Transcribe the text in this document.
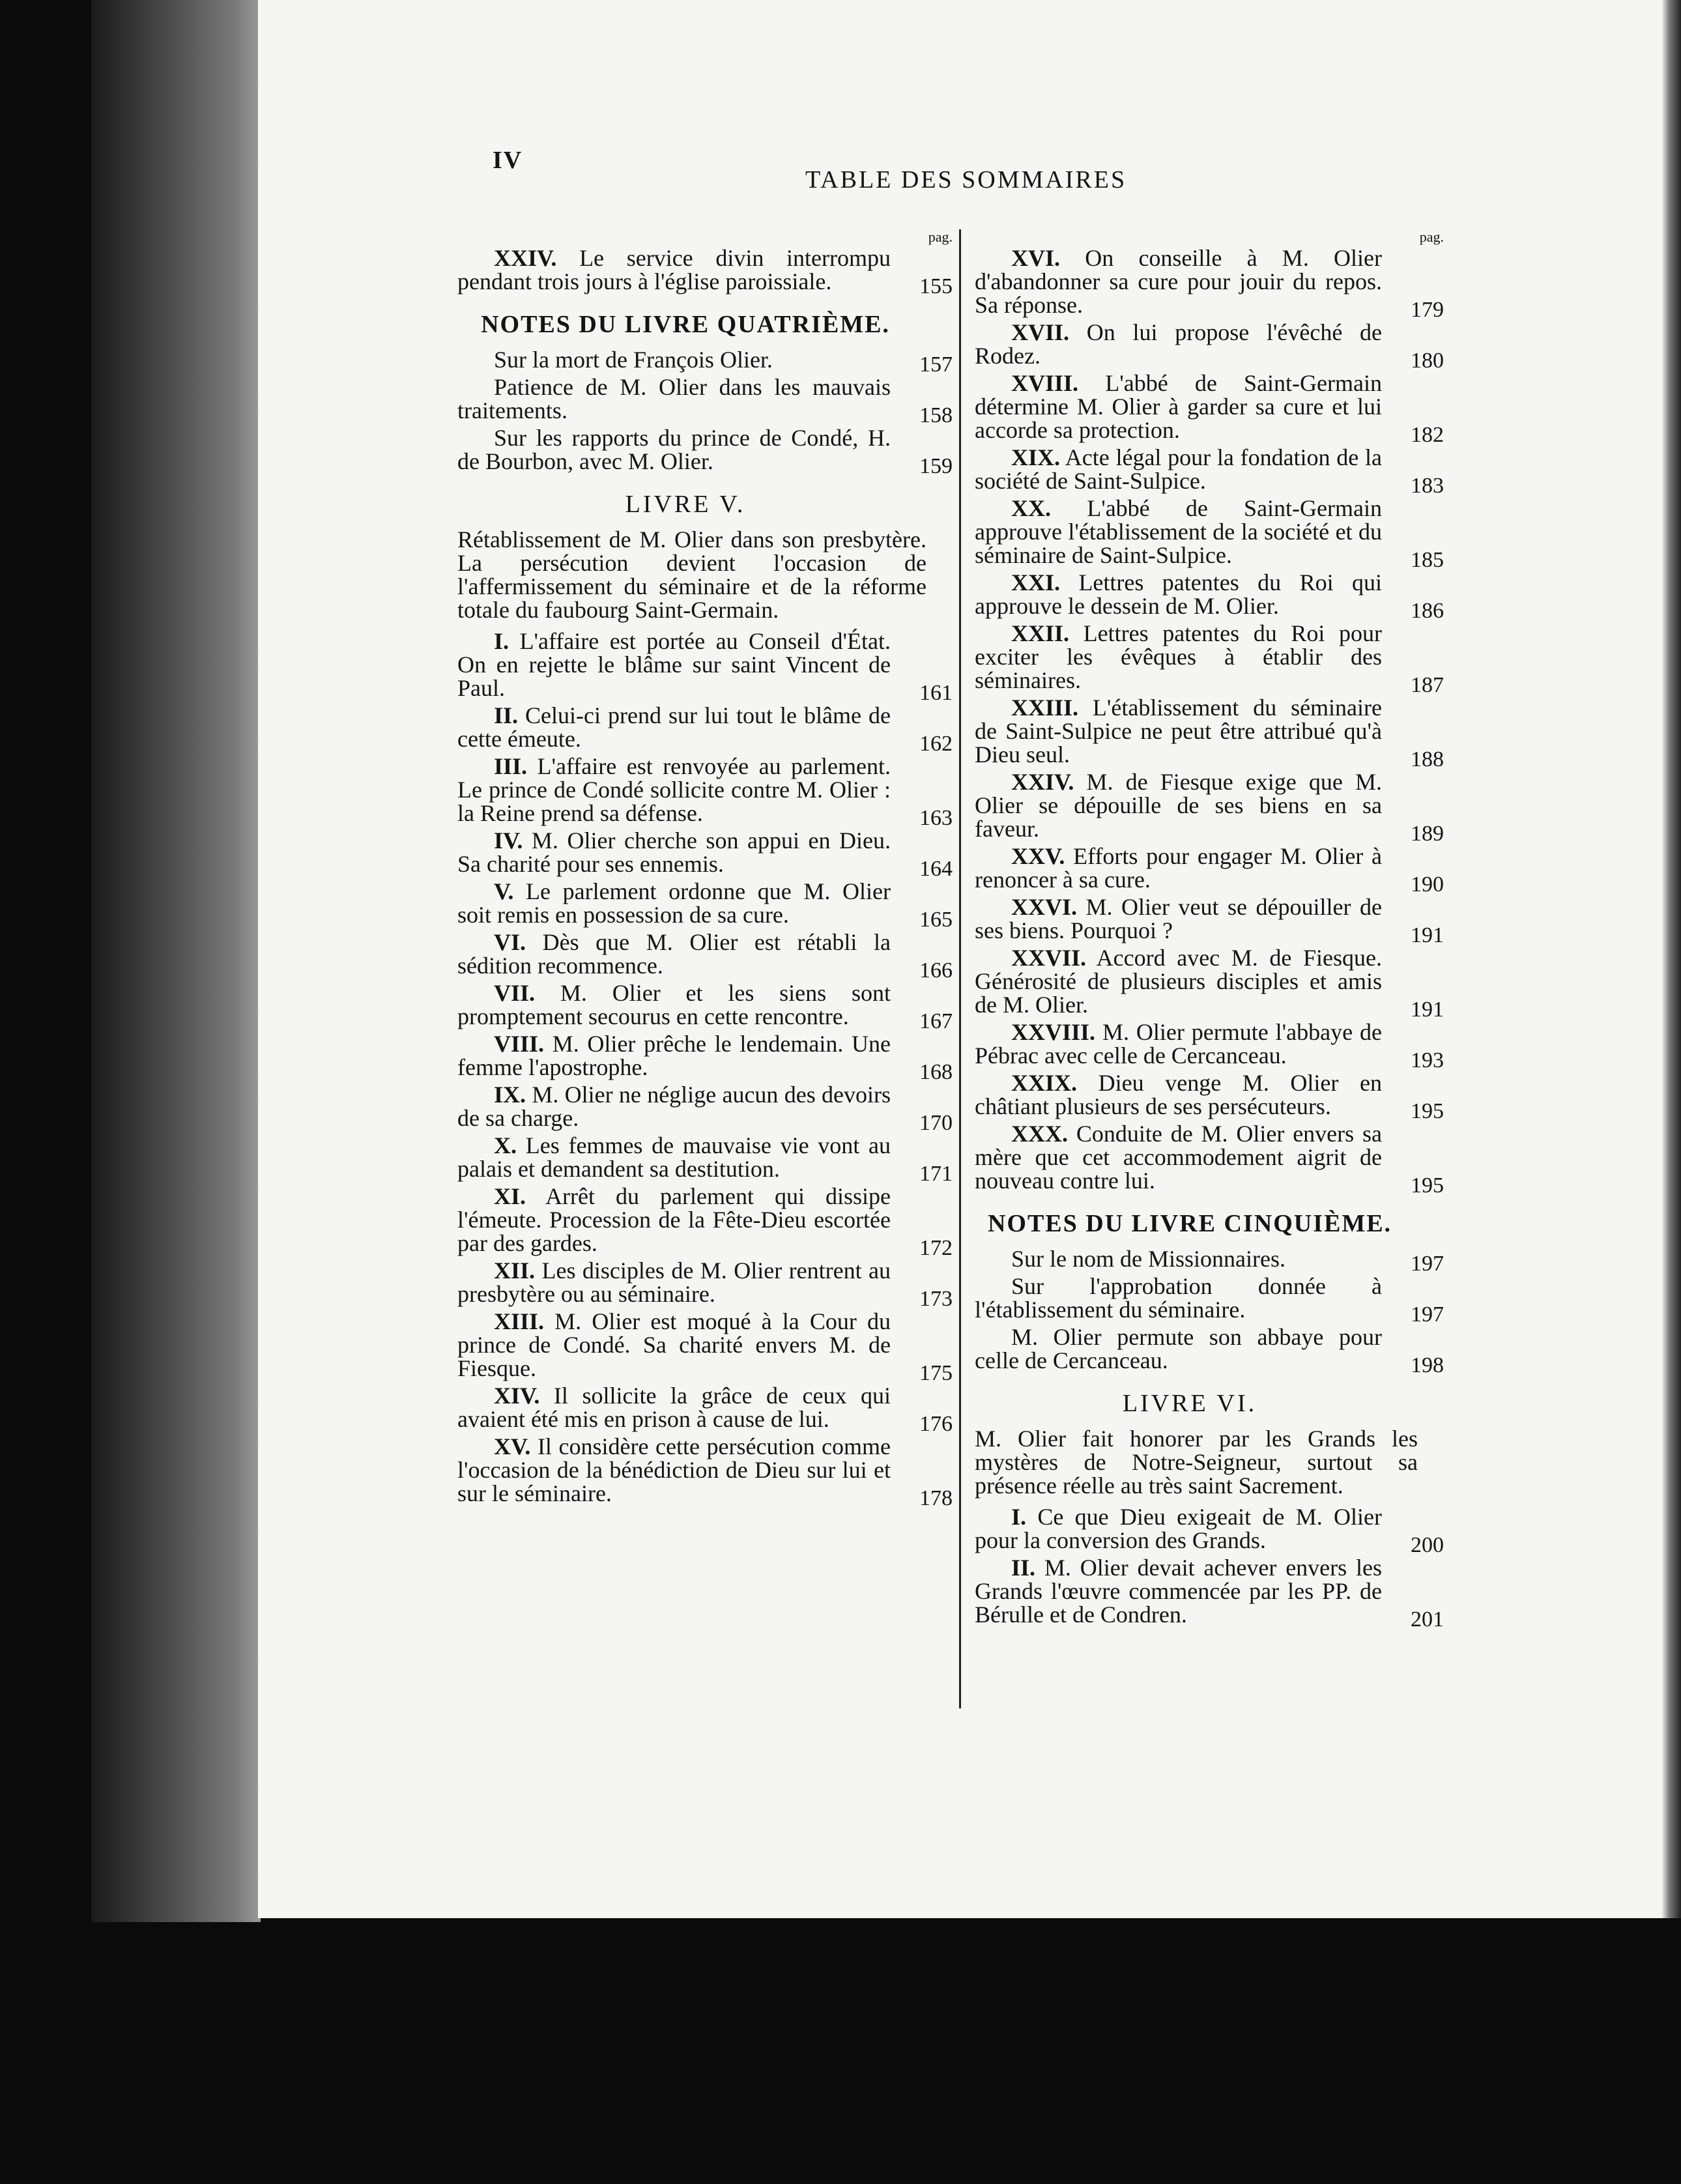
IV
TABLE DES SOMMAIRES
pag.
XXIV. Le service divin interrompu pendant trois jours à l'église paroissiale.	155
NOTES DU LIVRE QUATRIÈME.
Sur la mort de François Olier.	157
Patience de M. Olier dans les mauvais traitements.	158
Sur les rapports du prince de Condé, H. de Bourbon, avec M. Olier.	159
LIVRE V.
Rétablissement de M. Olier dans son presbytère. La persécution devient l'occasion de l'affermissement du séminaire et de la réforme totale du faubourg Saint-Germain.
I. L'affaire est portée au Conseil d'État. On en rejette le blâme sur saint Vincent de Paul.	161
II. Celui-ci prend sur lui tout le blâme de cette émeute.	162
III. L'affaire est renvoyée au parlement. Le prince de Condé sollicite contre M. Olier : la Reine prend sa défense.	163
IV. M. Olier cherche son appui en Dieu. Sa charité pour ses ennemis.	164
V. Le parlement ordonne que M. Olier soit remis en possession de sa cure.	165
VI. Dès que M. Olier est rétabli la sédition recommence.	166
VII. M. Olier et les siens sont promptement secourus en cette rencontre.	167
VIII. M. Olier prêche le lendemain. Une femme l'apostrophe.	168
IX. M. Olier ne néglige aucun des devoirs de sa charge.	170
X. Les femmes de mauvaise vie vont au palais et demandent sa destitution.	171
XI. Arrêt du parlement qui dissipe l'émeute. Procession de la Fête-Dieu escortée par des gardes.	172
XII. Les disciples de M. Olier rentrent au presbytère ou au séminaire.	173
XIII. M. Olier est moqué à la Cour du prince de Condé. Sa charité envers M. de Fiesque.	175
XIV. Il sollicite la grâce de ceux qui avaient été mis en prison à cause de lui.	176
XV. Il considère cette persécution comme l'occasion de la bénédiction de Dieu sur lui et sur le séminaire.	178
pag.
XVI. On conseille à M. Olier d'abandonner sa cure pour jouir du repos. Sa réponse.	179
XVII. On lui propose l'évêché de Rodez.	180
XVIII. L'abbé de Saint-Germain détermine M. Olier à garder sa cure et lui accorde sa protection.	182
XIX. Acte légal pour la fondation de la société de Saint-Sulpice.	183
XX. L'abbé de Saint-Germain approuve l'établissement de la société et du séminaire de Saint-Sulpice.	185
XXI. Lettres patentes du Roi qui approuve le dessein de M. Olier.	186
XXII. Lettres patentes du Roi pour exciter les évêques à établir des séminaires.	187
XXIII. L'établissement du séminaire de Saint-Sulpice ne peut être attribué qu'à Dieu seul.	188
XXIV. M. de Fiesque exige que M. Olier se dépouille de ses biens en sa faveur.	189
XXV. Efforts pour engager M. Olier à renoncer à sa cure.	190
XXVI. M. Olier veut se dépouiller de ses biens. Pourquoi ?	191
XXVII. Accord avec M. de Fiesque. Générosité de plusieurs disciples et amis de M. Olier.	191
XXVIII. M. Olier permute l'abbaye de Pébrac avec celle de Cercanceau.	193
XXIX. Dieu venge M. Olier en châtiant plusieurs de ses persécuteurs.	195
XXX. Conduite de M. Olier envers sa mère que cet accommodement aigrit de nouveau contre lui.	195
NOTES DU LIVRE CINQUIÈME.
Sur le nom de Missionnaires.	197
Sur l'approbation donnée à l'établissement du séminaire.	197
M. Olier permute son abbaye pour celle de Cercanceau.	198
LIVRE VI.
M. Olier fait honorer par les Grands les mystères de Notre-Seigneur, surtout sa présence réelle au très saint Sacrement.
I. Ce que Dieu exigeait de M. Olier pour la conversion des Grands.	200
II. M. Olier devait achever envers les Grands l'œuvre commencée par les PP. de Bérulle et de Condren.	201
